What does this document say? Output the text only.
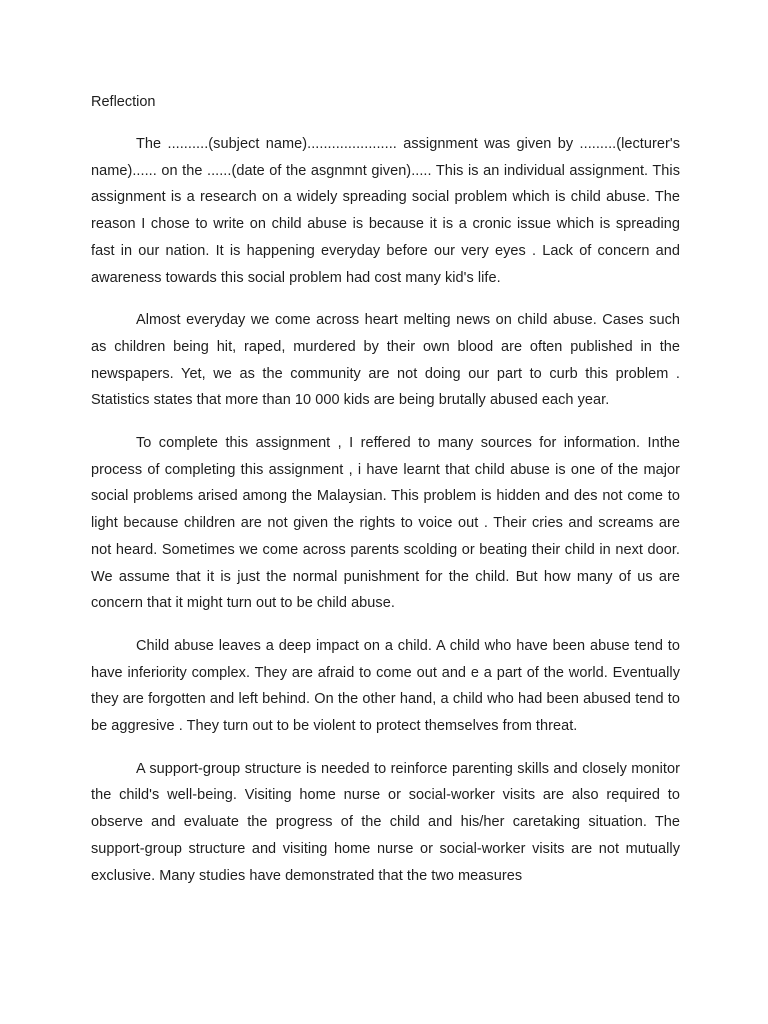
Reflection

The ..........(subject name)...................... assignment was given by .........(lecturer's name)...... on the ......(date of the asgnmnt given)..... This is an individual assignment. This assignment is a research on a widely spreading social problem which is child abuse. The reason I chose to write on child abuse is because it is a cronic issue which is spreading fast in our nation. It is happening everyday before our very eyes . Lack of concern and awareness towards this social problem had cost many kid's life.

Almost everyday we come across heart melting news on child abuse. Cases such as children being hit, raped, murdered by their own blood are often published in the newspapers. Yet, we as the community are not doing our part to curb this problem . Statistics states that more than 10 000 kids are being brutally abused each year.

To complete this assignment , I reffered to many sources for information. Inthe process of completing this assignment , i have learnt that child abuse is one of the major social problems arised among the Malaysian. This problem is hidden and des not come to light because children are not given the rights to voice out . Their cries and screams are not heard. Sometimes we come across parents scolding or beating their child in next door. We assume that it is just the normal punishment for the child. But how many of us are concern that it might turn out to be child abuse.

Child abuse leaves a deep impact on a child. A child who have been abuse tend to have inferiority complex. They are afraid to come out and e a part of the world. Eventually they are forgotten and left behind. On the other hand, a child who had been abused tend to be aggresive . They turn out to be violent to protect themselves from threat.

A support-group structure is needed to reinforce parenting skills and closely monitor the child's well-being. Visiting home nurse or social-worker visits are also required to observe and evaluate the progress of the child and his/her caretaking situation. The support-group structure and visiting home nurse or social-worker visits are not mutually exclusive. Many studies have demonstrated that the two measures
